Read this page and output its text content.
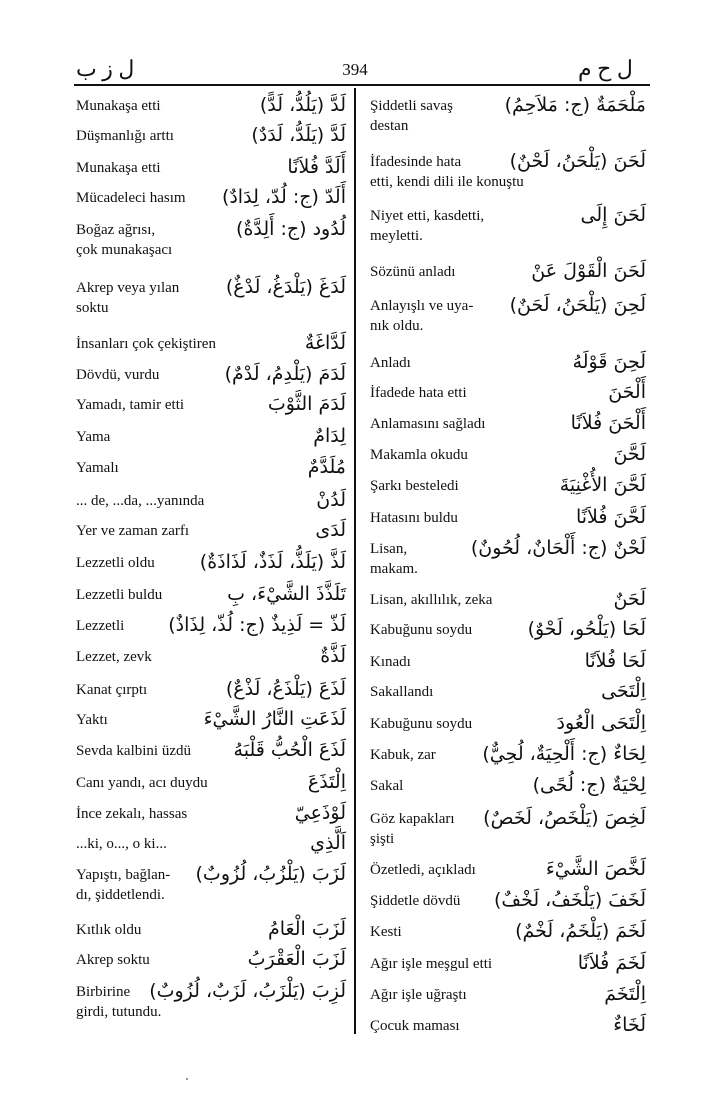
ل ز ب	394	ل ح م
Munakaşa etti	لَدَّ (يَلُدُّ، لَدًّ)
Düşmanlığı arttı	لَدَّ (يَلَدُّ، لَدَدٌ)
Munakaşa etti	أَلَدَّ فُلاَنًا
Mücadeleci hasım أَلَدّ (ج: لُدّ، لِدَادٌ)
Boğaz ağrısı,
çok munakaşacı
لُدُود (ج: أَلِدَّةٌ)
Akrep veya yılan
soktu
لَدَغَ (يَلْدَغُ، لَدْغٌ)
İnsanları çok çekiştiren	لَدَّاغَةٌ
Dövdü, vurdu	لَدَمَ (يَلْدِمُ، لَدْمٌ)
Yamadı, tamir etti	لَدَمَ الثَّوْبَ
Yama	لِدَامٌ
Yamalı	مُلَدَّمٌ
... de, ...da, ...yanında	لَدُنْ
Yer ve zaman zarfı	لَدَى
Lezzetli oldu لَذَّ (يَلَذُّ، لَذَذٌ، لَذَاذَةٌ)
Lezzetli buldu	تَلَذَّذَ الشَّيْءَ، بِ
Lezzetli لَذّ = لَذِيذٌ (ج: لُذّ، لِذَاذٌ)
Lezzet, zevk	لَذَّةٌ
Kanat çırptı	لَذَعَ (يَلْذَعُ، لَذْعٌ)
Yaktı	لَذَعَتِ النَّارُ الشَّيْءَ
Sevda kalbini üzdü لَذَعَ الْحُبُّ قَلْبَهُ
Canı yandı, acı duydu	اِلْتَذَعَ
İnce zekalı, hassas	لَوْذَعِيّ
...ki, o..., o ki...	اَلَّذِي
Yapıştı, bağlan-
dı, şiddetlendi.
لَزَبَ (يَلْزُبُ، لُزُوبٌ)
Kıtlık oldu	لَزَبَ الْعَامُ
Akrep soktu	لَزَبَ الْعَقْرَبُ
Birbirine
girdi, tutundu.
لَزِبَ (يَلْزَبُ، لَزَبٌ، لُزُوبٌ)
Şiddetli savaş
destan
مَلْحَمَةٌ (ج: مَلاَحِمُ)
İfadesinde hata
etti, kendi dili ile konuştu
لَحَنَ (يَلْحَنُ، لَحْنٌ)
Niyet etti, kasdetti,
meyletti.
لَحَنَ إِلَى
Sözünü anladı	لَحَنَ الْقَوْلَ عَنْ
Anlayışlı ve uya-
nık oldu.
لَحِنَ (يَلْحَنُ، لَحَنٌ)
Anladı	لَحِنَ قَوْلَهُ
İfadede hata etti	أَلْحَنَ
Anlamasını sağladı	أَلْحَنَ فُلاَنًا
Makamla okudu	لَحَّنَ
Şarkı besteledi	لَحَّنَ الأُغْنِيَةَ
Hatasını buldu	لَحَّنَ فُلاَنًا
Lisan,
makam.
لَحْنٌ (ج: أَلْحَانٌ، لُحُونٌ)
Lisan, akıllılık, zeka	لَحَنٌ
Kabuğunu soydu	لَحَا (يَلْحُو، لَحْوٌ)
Kınadı	لَحَا فُلاَنًا
Sakallandı	اِلْتَحَى
Kabuğunu soydu	اِلْتَحَى الْعُودَ
Kabuk, zar لِحَاءٌ (ج: أَلْحِيَةٌ، لُحِيٌّ)
Sakal	لِحْيَةٌ (ج: لُحًى)
Göz kapakları
şişti
لَخِصَ (يَلْخَصُ، لَخَصٌ)
Özetledi, açıkladı	لَخَّصَ الشَّيْءَ
Şiddetle dövdü لَخَفَ (يَلْخَفُ، لَخْفٌ)
Kesti	لَخَمَ (يَلْخَمُ، لَخْمٌ)
Ağır işle meşgul etti	لَخَمَ فُلاَنًا
Ağır işle uğraştı	اِلْتَخَمَ
Çocuk maması	لَخَاءٌ
